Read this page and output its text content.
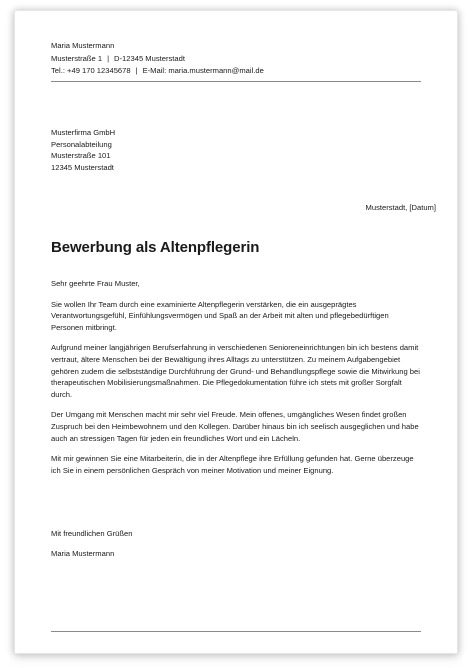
Maria Mustermann
Musterstraße 1 | D-12345 Musterstadt
Tel.: +49 170 12345678 | E-Mail: maria.mustermann@mail.de
Musterfirma GmbH
Personalabteilung
Musterstraße 101
12345 Musterstadt
Musterstadt, [Datum]
Bewerbung als Altenpflegerin

Sehr geehrte Frau Muster,

Sie wollen Ihr Team durch eine examinierte Altenpflegerin verstärken, die ein ausgeprägtes Verantwortungsgefühl, Einfühlungsvermögen und Spaß an der Arbeit mit alten und pflegebedürftigen Personen mitbringt.

Aufgrund meiner langjährigen Berufserfahrung in verschiedenen Senioreneinrichtungen bin ich bestens damit vertraut, ältere Menschen bei der Bewältigung ihres Alltags zu unterstützen. Zu meinem Aufgabengebiet gehören zudem die selbstständige Durchführung der Grund- und Behandlungspflege sowie die Mitwirkung bei therapeutischen Mobilisierungsmaßnahmen. Die Pflegedokumentation führe ich stets mit großer Sorgfalt durch.

Der Umgang mit Menschen macht mir sehr viel Freude. Mein offenes, umgängliches Wesen findet großen Zuspruch bei den Heimbewohnern und den Kollegen. Darüber hinaus bin ich seelisch ausgeglichen und habe auch an stressigen Tagen für jeden ein freundliches Wort und ein Lächeln.

Mit mir gewinnen Sie eine Mitarbeiterin, die in der Altenpflege ihre Erfüllung gefunden hat. Gerne überzeuge ich Sie in einem persönlichen Gespräch von meiner Motivation und meiner Eignung.

Mit freundlichen Grüßen
Maria Mustermann
